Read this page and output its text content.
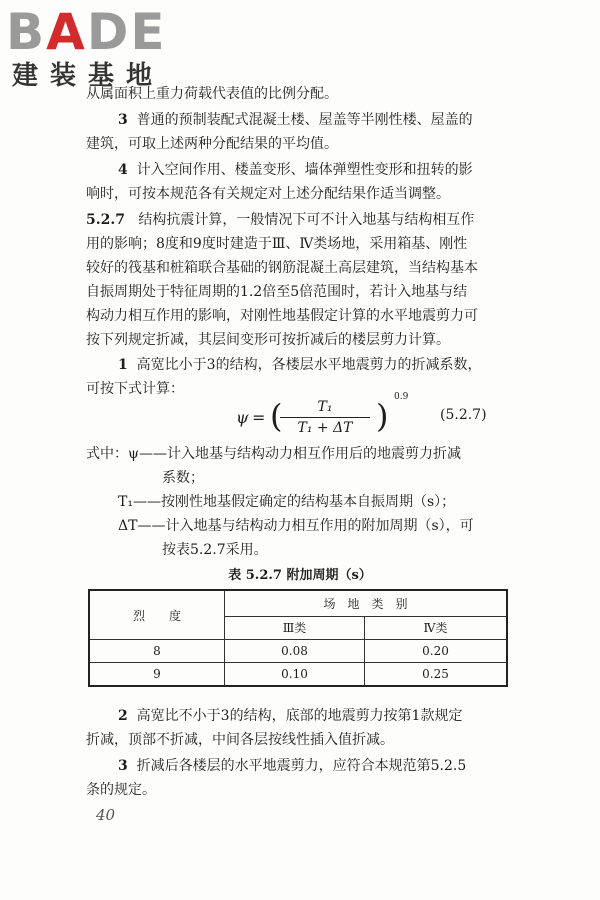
BADE
建装基地
从属面积上重力荷载代表值的比例分配。
3 普通的预制装配式混凝土楼、屋盖等半刚性楼、屋盖的
建筑，可取上述两种分配结果的平均值。
4 计入空间作用、楼盖变形、墙体弹塑性变形和扭转的影
响时，可按本规范各有关规定对上述分配结果作适当调整。
5.2.7 结构抗震计算，一般情况下可不计入地基与结构相互作
用的影响；8度和9度时建造于Ⅲ、Ⅳ类场地，采用箱基、刚性
较好的筏基和桩箱联合基础的钢筋混凝土高层建筑，当结构基本
自振周期处于特征周期的1.2倍至5倍范围时，若计入地基与结
构动力相互作用的影响，对刚性地基假定计算的水平地震剪力可
按下列规定折减，其层间变形可按折减后的楼层剪力计算。
1 高宽比小于3的结构，各楼层水平地震剪力的折减系数，
可按下式计算：
ψ = (	T₁
T₁ + ΔT ) 0.9
(5.2.7)
式中：ψ——计入地基与结构动力相互作用后的地震剪力折减
系数；
T₁——按刚性地基假定确定的结构基本自振周期（s）；
ΔT——计入地基与结构动力相互作用的附加周期（s），可
按表5.2.7采用。
表 5.2.7 附加周期（s）
烈　　度	场　地　类　别	
	Ⅲ类	Ⅳ类
8	0.08	0.20
9	0.10	0.25
2 高宽比不小于3的结构，底部的地震剪力按第1款规定
折减，顶部不折减，中间各层按线性插入值折减。
3 折减后各楼层的水平地震剪力，应符合本规范第5.2.5
条的规定。
40
